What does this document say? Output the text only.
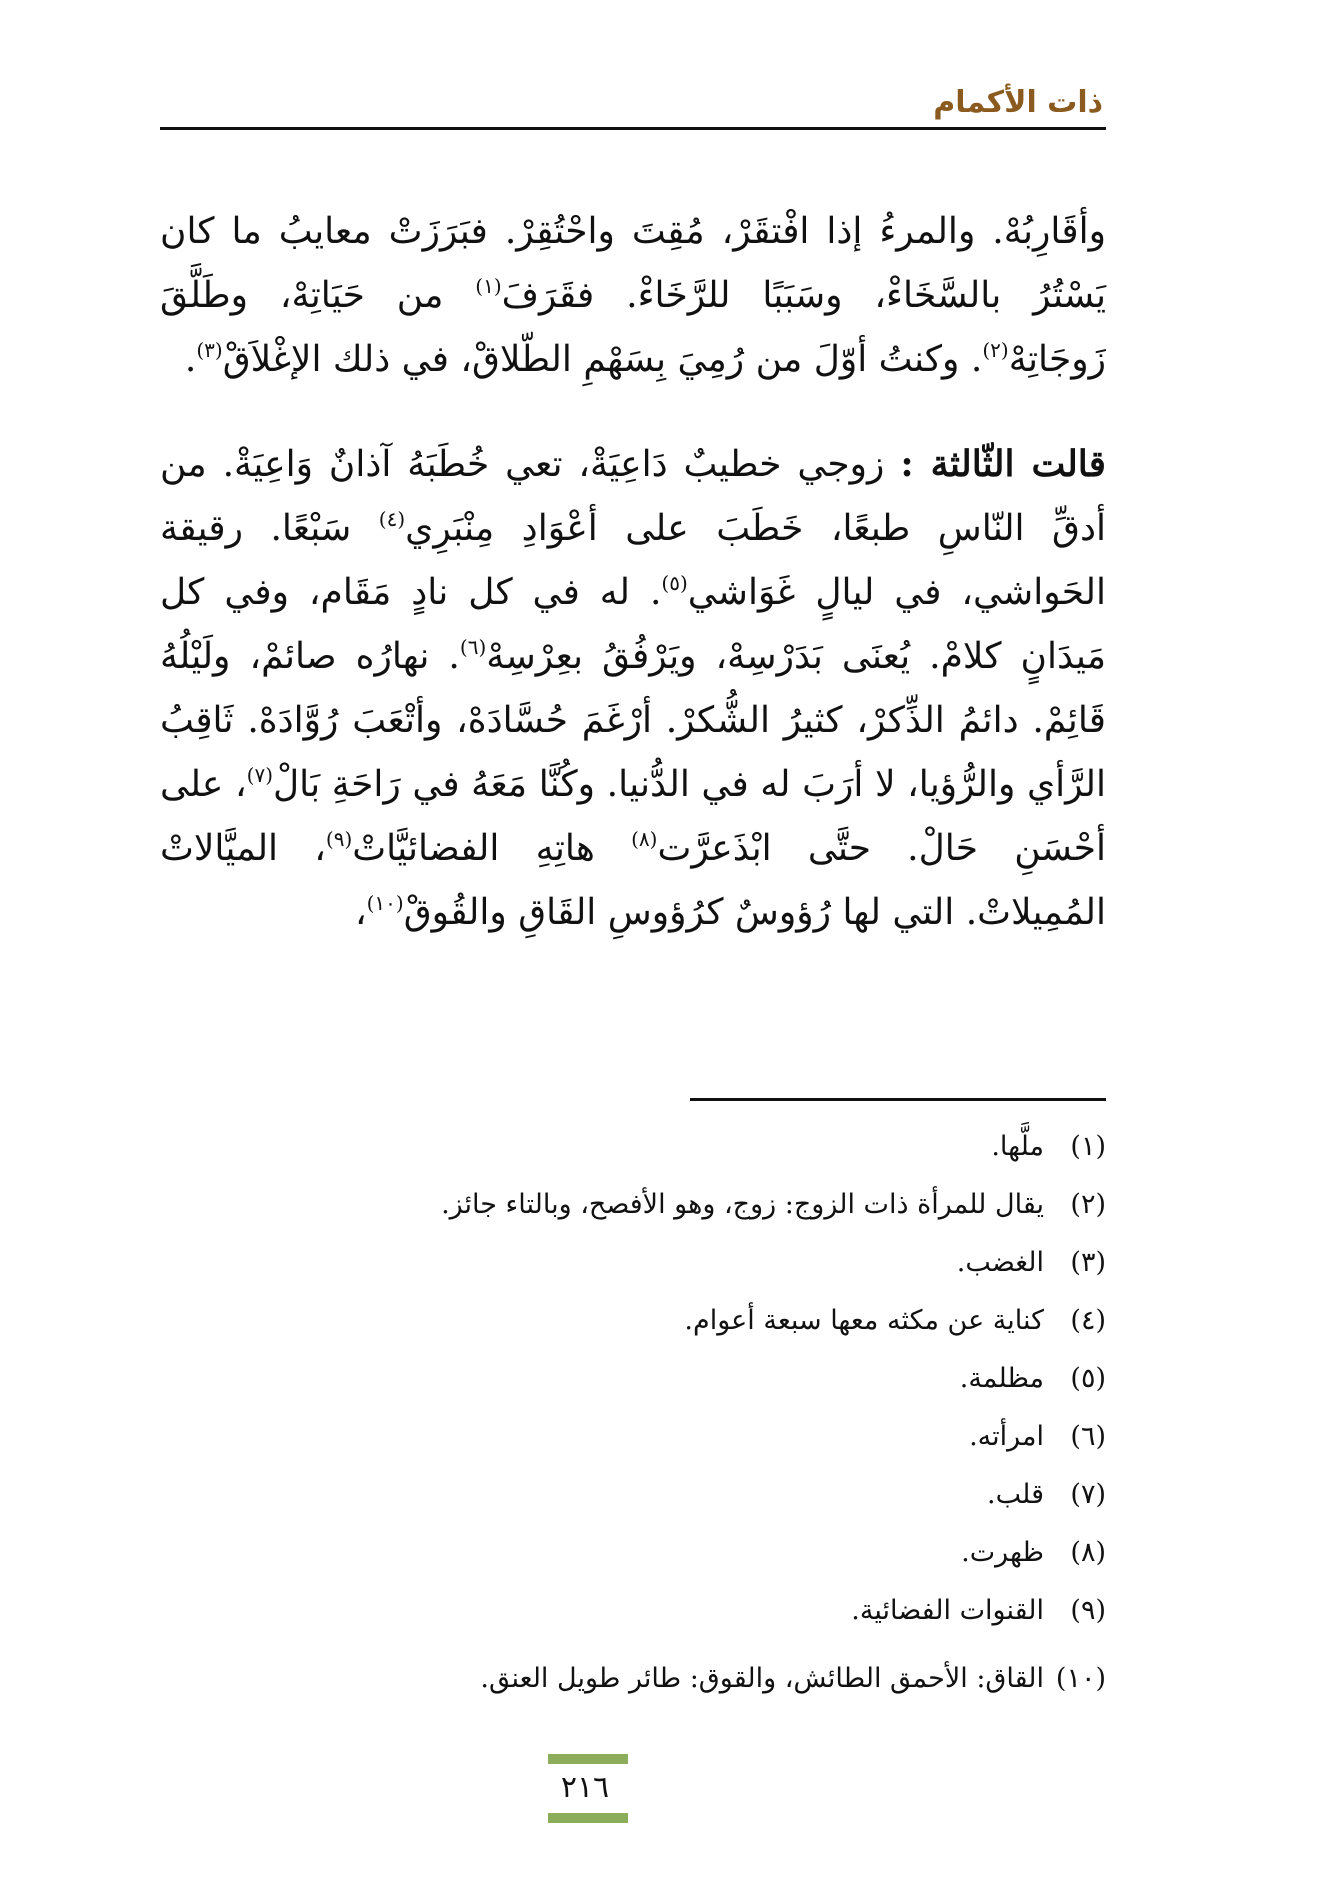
ذات الأكمام

وأقَارِبُهْ. والمرءُ إذا افْتقَرْ، مُقِتَ واحْتُقِرْ. فبَرَزَتْ معايبُ ما كان يَسْتُرُ بالسَّخَاءْ، وسَبَبًا للرَّخَاءْ. فقَرَفَ$^{(١)}$ من حَيَاتِهْ، وطَلَّقَ زَوجَاتِهْ$^{(٢)}$. وكنتُ أوّلَ من رُمِيَ بِسَهْمِ الطّلاقْ، في ذلك الإغْلاَقْ$^{(٣)}$.

قالت الثّالثة : زوجي خطيبٌ دَاعِيَةْ، تعي خُطَبَهُ آذانٌ وَاعِيَةْ. من أدقِّ النّاسِ طبعًا، خَطَبَ على أعْوَادِ مِنْبَرِي$^{(٤)}$ سَبْعًا. رقيقة الحَواشي، في ليالٍ غَوَاشي$^{(٥)}$. له في كل نادٍ مَقَام، وفي كل مَيدَانٍ كلامْ. يُعنَى بَدَرْسِهْ، ويَرْفُقُ بعِرْسِهْ$^{(٦)}$. نهارُه صائمْ، ولَيْلُهُ قَائِمْ. دائمُ الذِّكرْ، كثيرُ الشُّكرْ. أرْغَمَ حُسَّادَهْ، وأتْعَبَ رُوَّادَهْ. ثَاقِبُ الرَّأي والرُّؤيا، لا أرَبَ له في الدُّنيا. وكُنَّا مَعَهُ في رَاحَةِ بَالْ$^{(٧)}$، على أحْسَنِ حَالْ. حتَّى ابْذَعرَّت$^{(٨)}$ هاتِهِ الفضائيَّاتْ$^{(٩)}$، الميَّالاتْ المُمِيلاتْ. التي لها رُؤوسٌ كرُؤوسِ القَاقِ والقُوقْ$^{(١٠)}$،

(١)ملَّها.
(٢)يقال للمرأة ذات الزوج: زوج، وهو الأفصح، وبالتاء جائز.
(٣)الغضب.
(٤)كناية عن مكثه معها سبعة أعوام.
(٥)مظلمة.
(٦)امرأته.
(٧)قلب.
(٨)ظهرت.
(٩)القنوات الفضائية.
(١٠)القاق: الأحمق الطائش، والقوق: طائر طويل العنق.

٢١٦
